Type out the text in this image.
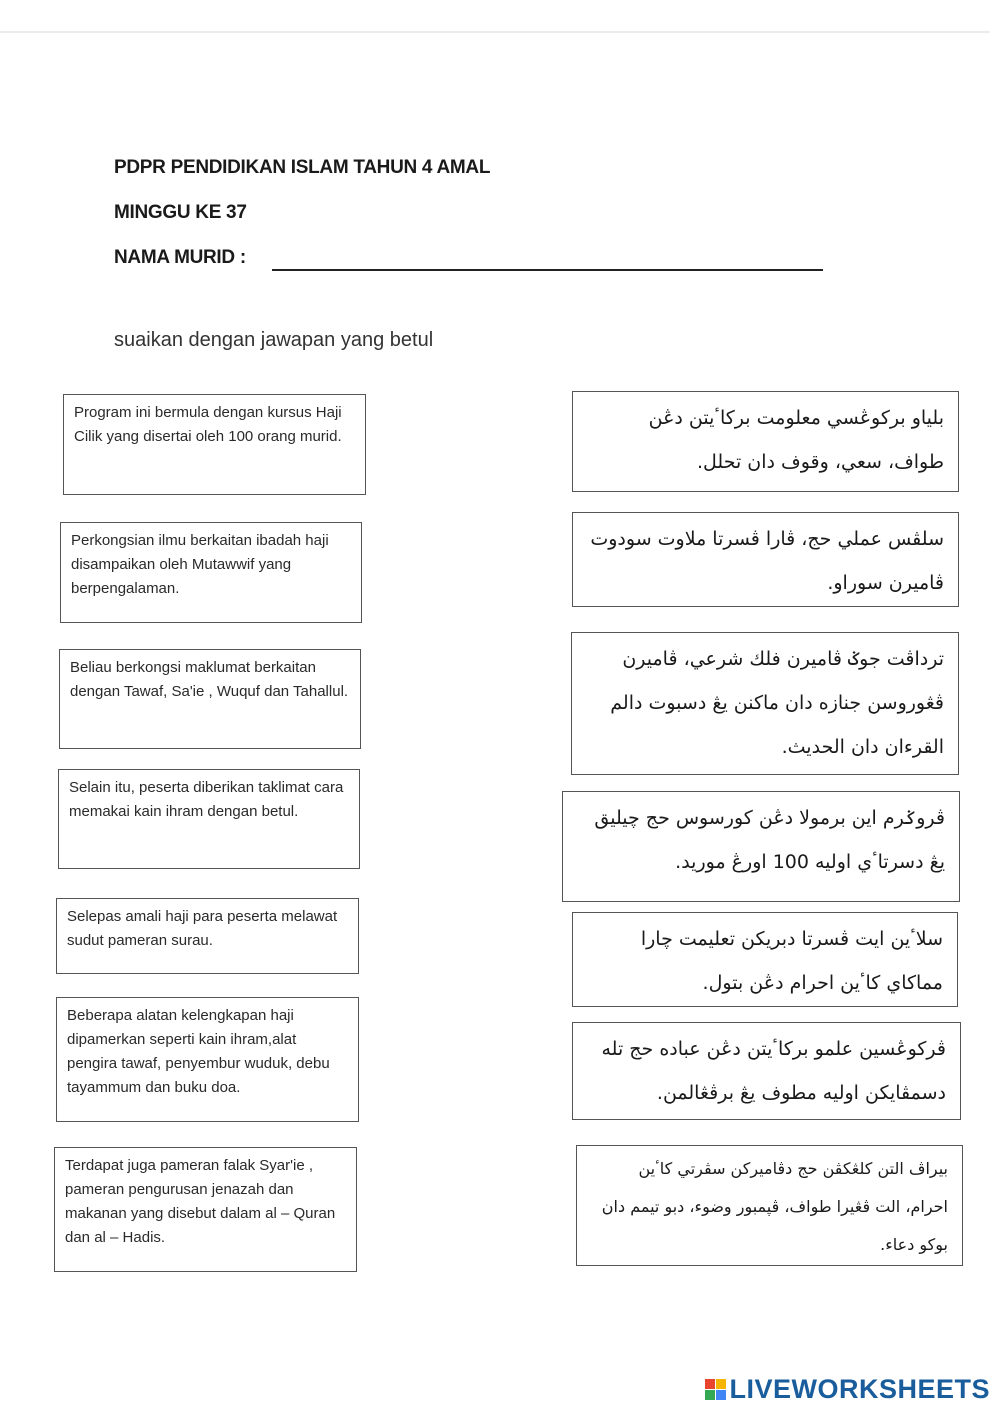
PDPR PENDIDIKAN ISLAM TAHUN 4 AMAL
MINGGU KE 37
NAMA MURID :
suaikan dengan jawapan yang betul
Program ini bermula dengan kursus Haji Cilik yang disertai oleh 100 orang murid.
Perkongsian ilmu berkaitan ibadah haji disampaikan oleh Mutawwif yang berpengalaman.
Beliau berkongsi maklumat berkaitan dengan Tawaf, Sa'ie , Wuquf dan Tahallul.
Selain itu, peserta diberikan taklimat cara memakai kain ihram dengan betul.
Selepas amali haji para peserta melawat sudut pameran surau.
Beberapa alatan kelengkapan haji dipamerkan seperti kain ihram,alat pengira tawaf, penyembur wuduk, debu tayammum dan buku doa.
Terdapat juga pameran falak Syar'ie , pameran pengurusan jenazah dan makanan yang disebut dalam al – Quran dan al – Hadis.
بلياو بركوڠسي معلومت بركاٴيتن دڠن طواف، سعي، وقوف دان تحلل.
سلڤس عملي حج، ڤارا ڤسرتا ملاوت سودوت ڤاميرن سوراو.
ترداڤت جوݢ ڤاميرن فلك شرعي، ڤاميرن ڤڠوروسن جنازه دان ماکنن يڠ دسبوت دالم القرءان دان الحديث.
ڤروݢرم اين برمولا دڠن کورسوس حج چيليق يڠ دسرتاٴي اوليه 100 اورڠ موريد.
سلاٴين ايت ڤسرتا دبريکن تعليمت چارا مماکاي کاٴين احرام دڠن بتول.
ڤرکوڠسين علمو برکاٴيتن دڠن عباده حج تله دسمڤايکن اوليه مطوف يڠ برڤڠالمن.
بيراڤ التن کلڠکڤن حج دڤاميرکن سڤرتي کاٴين احرام، الت ڤڠيرا طواف، ڤڽمبور وضوء، دبو تيمم دان بوکو دعاء.
LIVEWORKSHEETS
